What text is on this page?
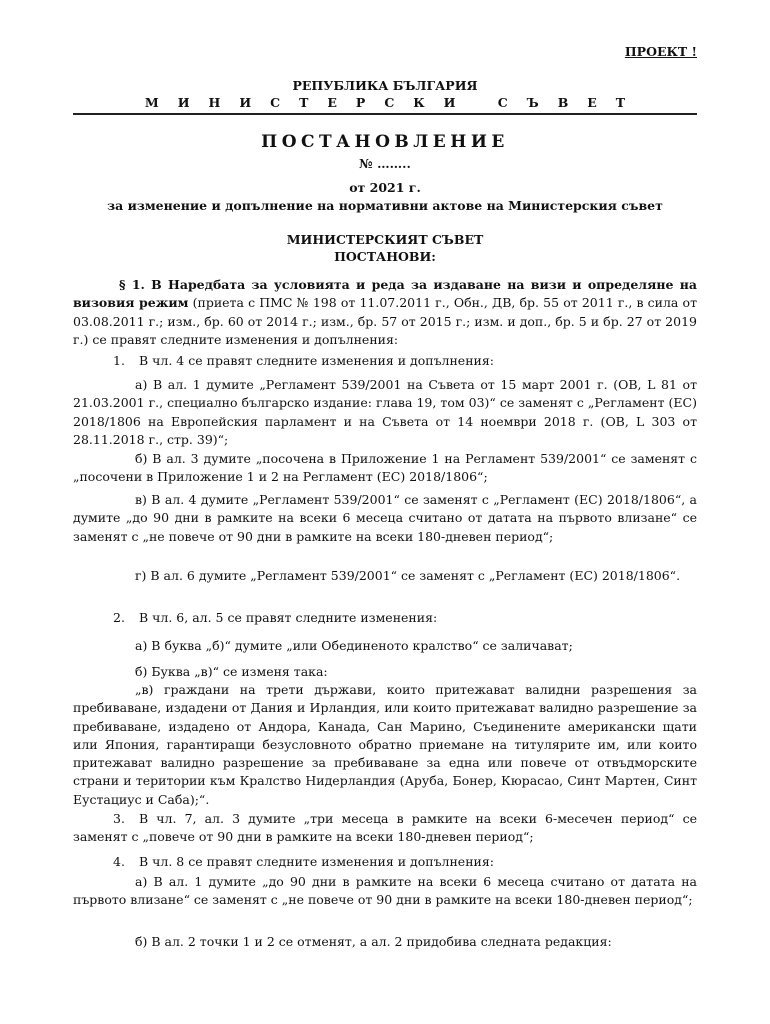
ПРОЕКТ !
РЕПУБЛИКА БЪЛГАРИЯ
МИНИСТЕРСКИ СЪВЕТ
ПОСТАНОВЛЕНИЕ
№ ……..
от 2021 г.
за изменение и допълнение на нормативни актове на Министерския съвет
МИНИСТЕРСКИЯТ СЪВЕТ
ПОСТАНОВИ:

§ 1. В Наредбата за условията и реда за издаване на визи и определяне на визовия режим (приета с ПМС № 198 от 11.07.2011 г., Обн., ДВ, бр. 55 от 2011 г., в сила от 03.08.2011 г.; изм., бр. 60 от 2014 г.; изм., бр. 57 от 2015 г.; изм. и доп., бр. 5 и бр. 27 от 2019 г.) се правят следните изменения и допълнения:

1. В чл. 4 се правят следните изменения и допълнения:

а) В ал. 1 думите „Регламент 539/2001 на Съвета от 15 март 2001 г. (ОВ, L 81 от 21.03.2001 г., специално българско издание: глава 19, том 03)“ се заменят с „Регламент (ЕС) 2018/1806 на Европейския парламент и на Съвета от 14 ноември 2018 г. (ОВ, L 303 от 28.11.2018 г., стр. 39)“;

б) В ал. 3 думите „посочена в Приложение 1 на Регламент 539/2001“ се заменят с „посочени в Приложение 1 и 2 на Регламент (ЕС) 2018/1806“;

в) В ал. 4 думите „Регламент 539/2001“ се заменят с „Регламент (ЕС) 2018/1806“, а думите „до 90 дни в рамките на всеки 6 месеца считано от датата на първото влизане“ се заменят с „не повече от 90 дни в рамките на всеки 180-дневен период“;

г) В ал. 6 думите „Регламент 539/2001“ се заменят с „Регламент (ЕС) 2018/1806“.

2. В чл. 6, ал. 5 се правят следните изменения:

а) В буква „б)“ думите „или Обединеното кралство“ се заличават;

б) Буква „в)“ се изменя така:

„в) граждани на трети държави, които притежават валидни разрешения за пребиваване, издадени от Дания и Ирландия, или които притежават валидно разрешение за пребиваване, издадено от Андора, Канада, Сан Марино, Съединените американски щати или Япония, гарантиращи безусловното обратно приемане на титулярите им, или които притежават валидно разрешение за пребиваване за една или повече от отвъдморските страни и територии към Кралство Нидерландия (Аруба, Бонер, Кюрасао, Синт Мартен, Синт Еустациус и Саба);“.

3. В чл. 7, ал. 3 думите „три месеца в рамките на всеки 6-месечен период“ се заменят с „повече от 90 дни в рамките на всеки 180-дневен период“;

4. В чл. 8 се правят следните изменения и допълнения:

а) В ал. 1 думите „до 90 дни в рамките на всеки 6 месеца считано от датата на първото влизане“ се заменят с „не повече от 90 дни в рамките на всеки 180-дневен период“;

б) В ал. 2 точки 1 и 2 се отменят, а ал. 2 придобива следната редакция:
